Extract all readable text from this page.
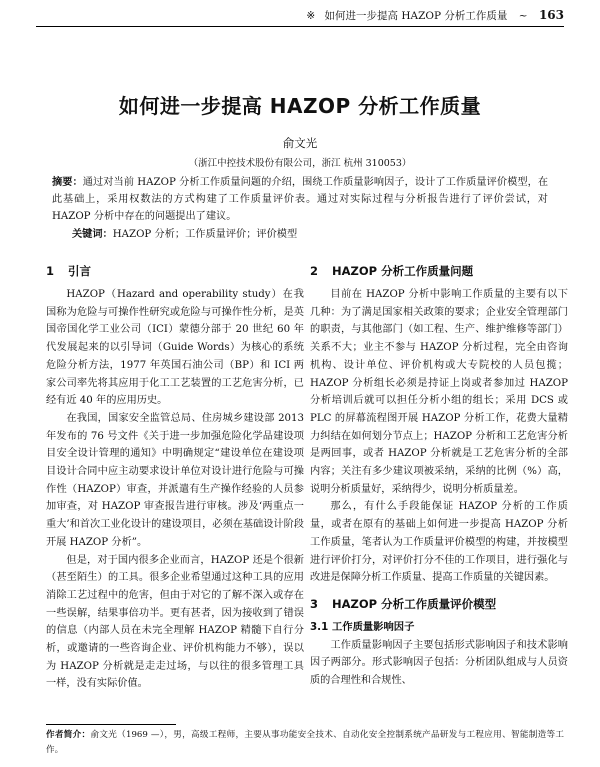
※ 如何进一步提高 HAZOP 分析工作质量 ~ 163
如何进一步提高 HAZOP 分析工作质量
俞文光
（浙江中控技术股份有限公司，浙江 杭州 310053）
摘要：通过对当前 HAZOP 分析工作质量问题的介绍，围绕工作质量影响因子，设计了工作质量评价模型，在此基础上，采用权数法的方式构建了工作质量评价表。通过对实际过程与分析报告进行了评价尝试，对 HAZOP 分析中存在的问题提出了建议。
关键词：HAZOP 分析；工作质量评价；评价模型
1 引言

HAZOP（Hazard and operability study）在我国称为危险与可操作性研究或危险与可操作性分析，是英国帝国化学工业公司（ICI）蒙德分部于 20 世纪 60 年代发展起来的以引导词（Guide Words）为核心的系统危险分析方法，1977 年英国石油公司（BP）和 ICI 两家公司率先将其应用于化工工艺装置的工艺危害分析，已经有近 40 年的应用历史。

在我国，国家安全监管总局、住房城乡建设部 2013 年发布的 76 号文件《关于进一步加强危险化学品建设项目安全设计管理的通知》中明确规定“建设单位在建设项目设计合同中应主动要求设计单位对设计进行危险与可操作性（HAZOP）审查，并派遣有生产操作经验的人员参加审查，对 HAZOP 审查报告进行审核。涉及‘两重点一重大’和首次工业化设计的建设项目，必须在基础设计阶段开展 HAZOP 分析”。

但是，对于国内很多企业而言，HAZOP 还是个很新（甚至陌生）的工具。很多企业希望通过这种工具的应用消除工艺过程中的危害，但由于对它的了解不深入或存在一些误解，结果事倍功半。更有甚者，因为接收到了错误的信息（内部人员在未完全理解 HAZOP 精髓下自行分析，或邀请的一些咨询企业、评价机构能力不够），误以为 HAZOP 分析就是走走过场，与以往的很多管理工具一样，没有实际价值。

2 HAZOP 分析工作质量问题

目前在 HAZOP 分析中影响工作质量的主要有以下几种：为了满足国家相关政策的要求；企业安全管理部门的职责，与其他部门（如工程、生产、维护维修等部门）关系不大；业主不参与 HAZOP 分析过程，完全由咨询机构、设计单位、评价机构或大专院校的人员包揽；HAZOP 分析组长必须是持证上岗或者参加过 HAZOP 分析培训后就可以担任分析小组的组长；采用 DCS 或 PLC 的屏幕流程图开展 HAZOP 分析工作，花费大量精力纠结在如何划分节点上；HAZOP 分析和工艺危害分析是两回事，或者 HAZOP 分析就是工艺危害分析的全部内容；关注有多少建议项被采纳，采纳的比例（%）高，说明分析质量好，采纳得少，说明分析质量差。

那么，有什么手段能保证 HAZOP 分析的工作质量，或者在原有的基础上如何进一步提高 HAZOP 分析工作质量，笔者认为工作质量评价模型的构建，并按模型进行评价打分，对评价打分不佳的工作项目，进行强化与改进是保障分析工作质量、提高工作质量的关键因素。

3 HAZOP 分析工作质量评价模型
3.1 工作质量影响因子

工作质量影响因子主要包括形式影响因子和技术影响因子两部分。形式影响因子包括：分析团队组成与人员资质的合理性和合规性、

作者简介：俞文光（1969 —），男，高级工程师，主要从事功能安全技术、自动化安全控制系统产品研发与工程应用、智能制造等工作。
